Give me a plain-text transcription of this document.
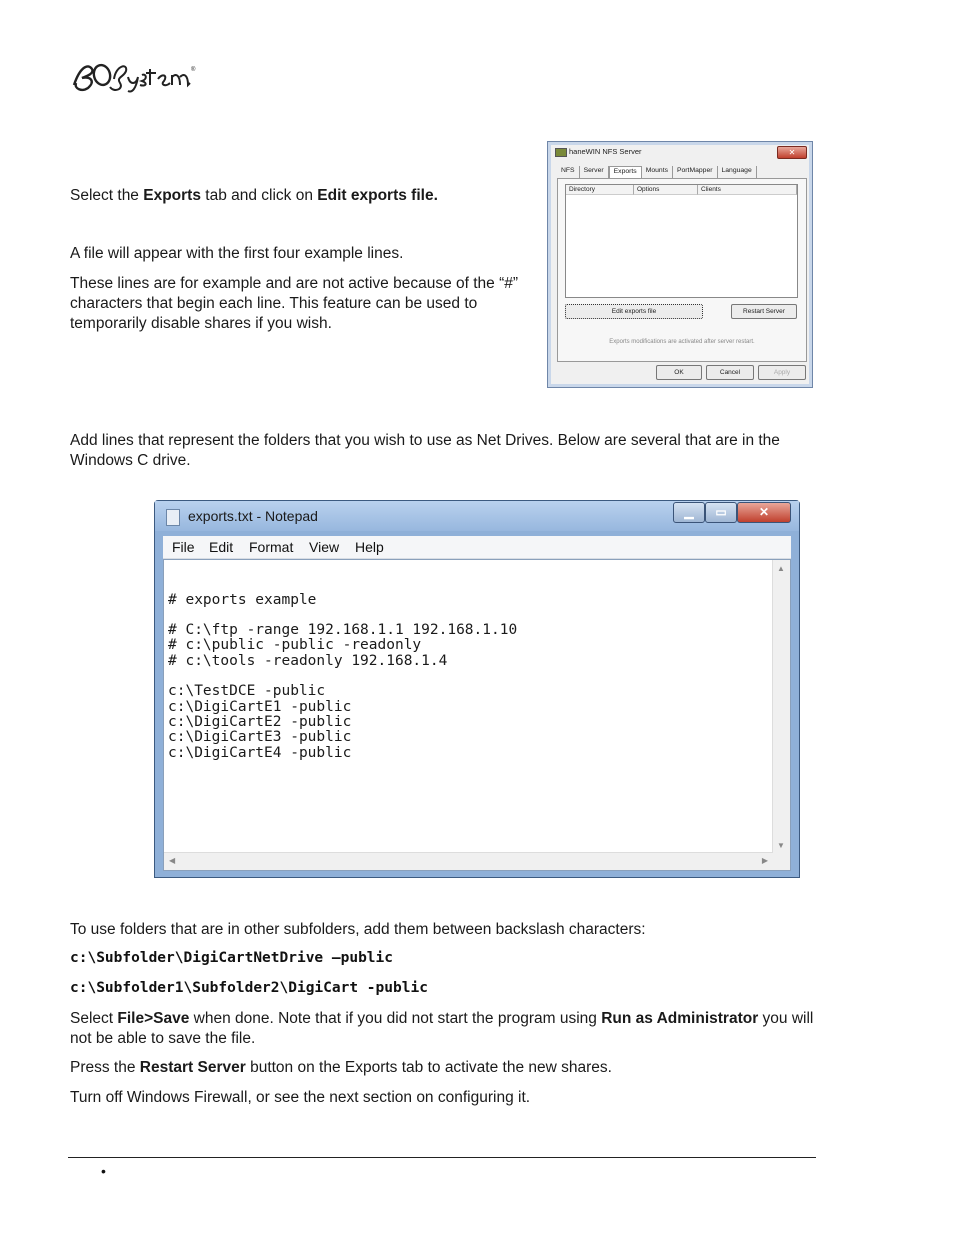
®
Select the Exports tab and click on Edit exports file.
A file will appear with the first four example lines.
These lines are for example and are not active because of the “#” characters that begin each line. This feature can be used to temporarily disable shares if you wish.
haneWIN NFS Server	✕
NFS	Server	Exports	Mounts	PortMapper	Language
Directory	Options	Clients
Edit exports file	Restart Server
Exports modifications are activated after server restart.
OK	Cancel	Apply
Add lines that represent the folders that you wish to use as Net Drives. Below are several that are in the Windows C drive.
exports.txt - Notepad	▁	▭	✕
File Edit Format View Help

# exports example
# C:\ftp -range 192.168.1.1 192.168.1.10
# c:\public -public -readonly
# c:\tools -readonly 192.168.1.4
c:\TestDCE -public
c:\DigiCartE1 -public
c:\DigiCartE2 -public
c:\DigiCartE3 -public
c:\DigiCartE4 -public

▲
▼
◀	▶
To use folders that are in other subfolders, add them between backslash characters:
c:\Subfolder\DigiCartNetDrive –public
c:\Subfolder1\Subfolder2\DigiCart -public
Select File>Save when done. Note that if you did not start the program using Run as Administrator you will not be able to save the file.
Press the Restart Server button on the Exports tab to activate the new shares.
Turn off Windows Firewall, or see the next section on configuring it.
•
